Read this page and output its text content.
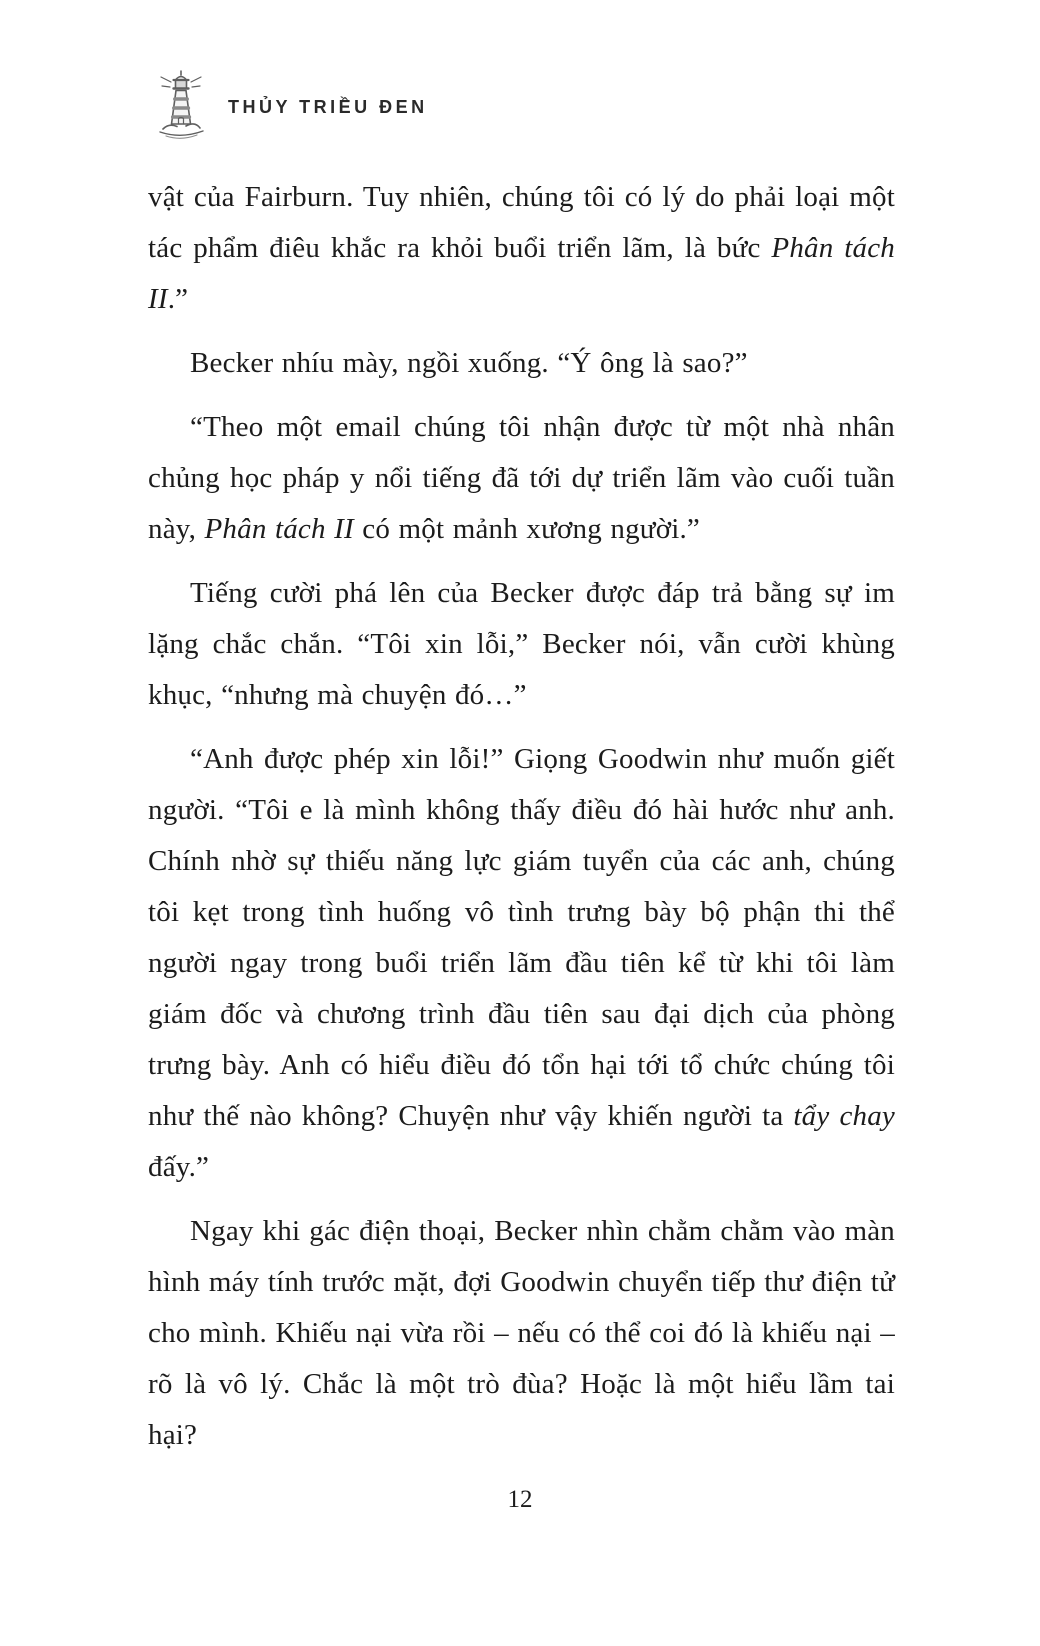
THỦY TRIỀU ĐEN

vật của Fairburn. Tuy nhiên, chúng tôi có lý do phải loại một tác phẩm điêu khắc ra khỏi buổi triển lãm, là bức Phân tách II.”

Becker nhíu mày, ngồi xuống. “Ý ông là sao?”

“Theo một email chúng tôi nhận được từ một nhà nhân chủng học pháp y nổi tiếng đã tới dự triển lãm vào cuối tuần này, Phân tách II có một mảnh xương người.”

Tiếng cười phá lên của Becker được đáp trả bằng sự im lặng chắc chắn. “Tôi xin lỗi,” Becker nói, vẫn cười khùng khục, “nhưng mà chuyện đó…”

“Anh được phép xin lỗi!” Giọng Goodwin như muốn giết người. “Tôi e là mình không thấy điều đó hài hước như anh. Chính nhờ sự thiếu năng lực giám tuyển của các anh, chúng tôi kẹt trong tình huống vô tình trưng bày bộ phận thi thể người ngay trong buổi triển lãm đầu tiên kể từ khi tôi làm giám đốc và chương trình đầu tiên sau đại dịch của phòng trưng bày. Anh có hiểu điều đó tổn hại tới tổ chức chúng tôi như thế nào không? Chuyện như vậy khiến người ta tẩy chay đấy.”

Ngay khi gác điện thoại, Becker nhìn chằm chằm vào màn hình máy tính trước mặt, đợi Goodwin chuyển tiếp thư điện tử cho mình. Khiếu nại vừa rồi – nếu có thể coi đó là khiếu nại – rõ là vô lý. Chắc là một trò đùa? Hoặc là một hiểu lầm tai hại?

12
